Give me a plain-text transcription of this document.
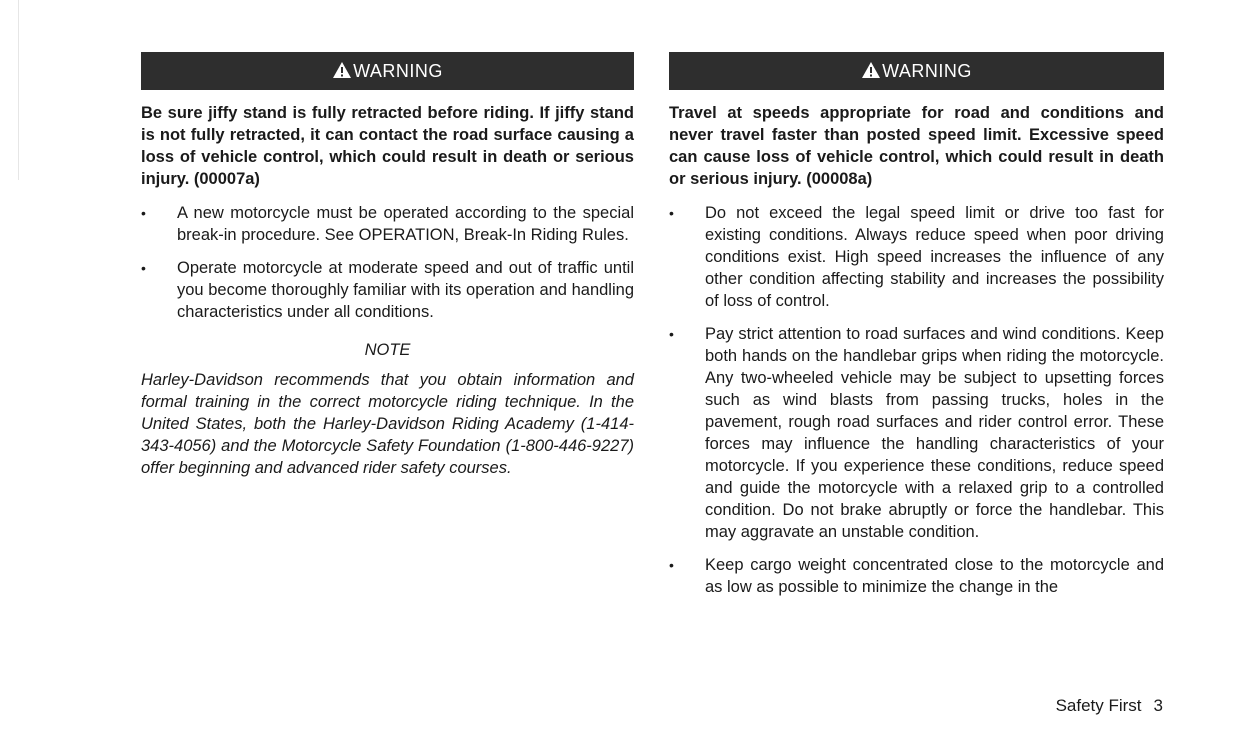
WARNING

Be sure jiffy stand is fully retracted before riding. If jiffy stand is not fully retracted, it can contact the road surface causing a loss of vehicle control, which could result in death or serious injury. (00007a)

• A new motorcycle must be operated according to the special break-in procedure. See OPERATION, Break-In Riding Rules.
• Operate motorcycle at moderate speed and out of traffic until you become thoroughly familiar with its operation and handling characteristics under all conditions.

NOTE

Harley-Davidson recommends that you obtain information and formal training in the correct motorcycle riding technique. In the United States, both the Harley-Davidson Riding Academy (1-414-343-4056) and the Motorcycle Safety Foundation (1-800-446-9227) offer beginning and advanced rider safety courses.

WARNING

Travel at speeds appropriate for road and conditions and never travel faster than posted speed limit. Excessive speed can cause loss of vehicle control, which could result in death or serious injury. (00008a)

• Do not exceed the legal speed limit or drive too fast for existing conditions. Always reduce speed when poor driving conditions exist. High speed increases the influence of any other condition affecting stability and increases the possibility of loss of control.
• Pay strict attention to road surfaces and wind conditions. Keep both hands on the handlebar grips when riding the motorcycle. Any two-wheeled vehicle may be subject to upsetting forces such as wind blasts from passing trucks, holes in the pavement, rough road surfaces and rider control error. These forces may influence the handling characteristics of your motorcycle. If you experience these conditions, reduce speed and guide the motorcycle with a relaxed grip to a controlled condition. Do not brake abruptly or force the handlebar. This may aggravate an unstable condition.
• Keep cargo weight concentrated close to the motorcycle and as low as possible to minimize the change in the
Safety First 3
